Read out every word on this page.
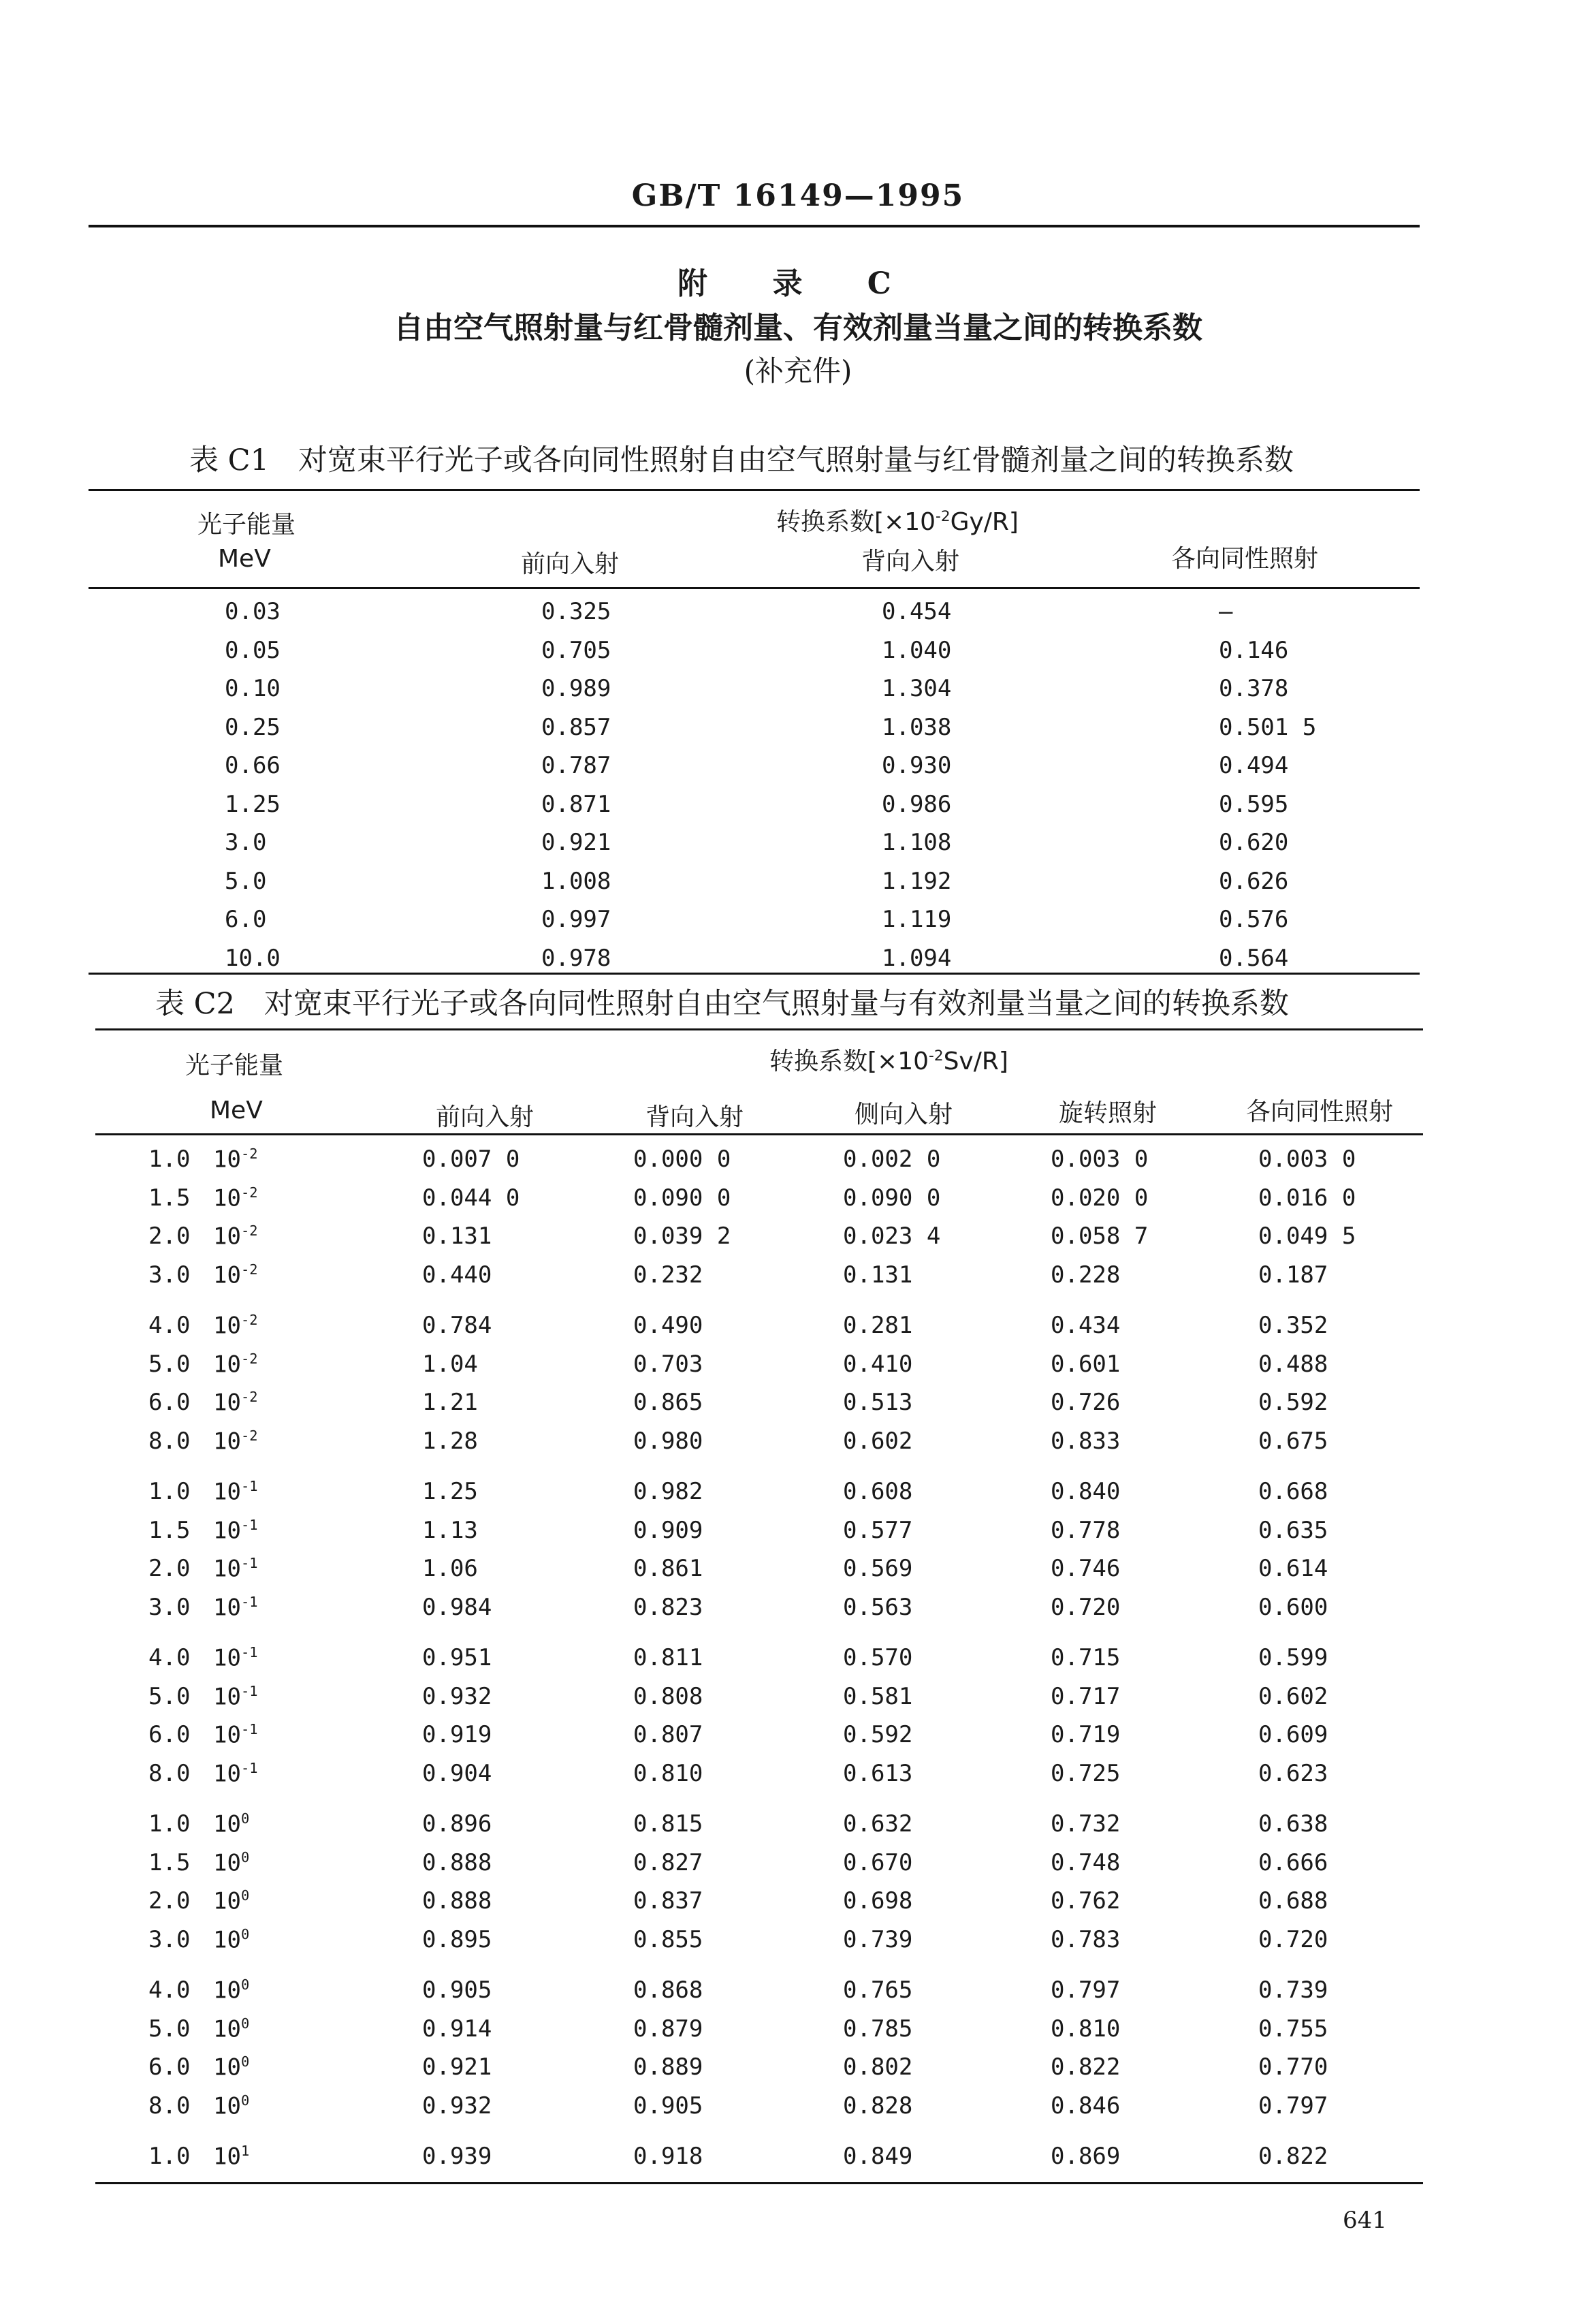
GB/T 16149—1995
附 录 C
自由空气照射量与红骨髓剂量、有效剂量当量之间的转换系数
(补充件)
表 C1　对宽束平行光子或各向同性照射自由空气照射量与红骨髓剂量之间的转换系数
光子能量
MeV
转换系数$[\times 10^{-2}Gy/R]$
前向入射	背向入射	各向同性照射
0.03	0.325	0.454	—
0.05	0.705	1.040	0.146
0.10	0.989	1.304	0.378
0.25	0.857	1.038	0.501 5
0.66	0.787	0.930	0.494
1.25	0.871	0.986	0.595
3.0	0.921	1.108	0.620
5.0	1.008	1.192	0.626
6.0	0.997	1.119	0.576
10.0	0.978	1.094	0.564
表 C2　对宽束平行光子或各向同性照射自由空气照射量与有效剂量当量之间的转换系数
光子能量
MeV
转换系数$[\times 10^{-2}Sv/R]$
前向入射	背向入射	侧向入射	旋转照射	各向同性照射
1.0 $10^{-2}$	0.007 0	0.000 0	0.002 0	0.003 0	0.003 0
1.5 $10^{-2}$	0.044 0	0.090 0	0.090 0	0.020 0	0.016 0
2.0 $10^{-2}$	0.131	0.039 2	0.023 4	0.058 7	0.049 5
3.0 $10^{-2}$	0.440	0.232	0.131	0.228	0.187
4.0 $10^{-2}$	0.784	0.490	0.281	0.434	0.352
5.0 $10^{-2}$	1.04	0.703	0.410	0.601	0.488
6.0 $10^{-2}$	1.21	0.865	0.513	0.726	0.592
8.0 $10^{-2}$	1.28	0.980	0.602	0.833	0.675
1.0 $10^{-1}$	1.25	0.982	0.608	0.840	0.668
1.5 $10^{-1}$	1.13	0.909	0.577	0.778	0.635
2.0 $10^{-1}$	1.06	0.861	0.569	0.746	0.614
3.0 $10^{-1}$	0.984	0.823	0.563	0.720	0.600
4.0 $10^{-1}$	0.951	0.811	0.570	0.715	0.599
5.0 $10^{-1}$	0.932	0.808	0.581	0.717	0.602
6.0 $10^{-1}$	0.919	0.807	0.592	0.719	0.609
8.0 $10^{-1}$	0.904	0.810	0.613	0.725	0.623
1.0 $10^0$	0.896	0.815	0.632	0.732	0.638
1.5 $10^0$	0.888	0.827	0.670	0.748	0.666
2.0 $10^0$	0.888	0.837	0.698	0.762	0.688
3.0 $10^0$	0.895	0.855	0.739	0.783	0.720
4.0 $10^0$	0.905	0.868	0.765	0.797	0.739
5.0 $10^0$	0.914	0.879	0.785	0.810	0.755
6.0 $10^0$	0.921	0.889	0.802	0.822	0.770
8.0 $10^0$	0.932	0.905	0.828	0.846	0.797
1.0 $10^1$	0.939	0.918	0.849	0.869	0.822
641
